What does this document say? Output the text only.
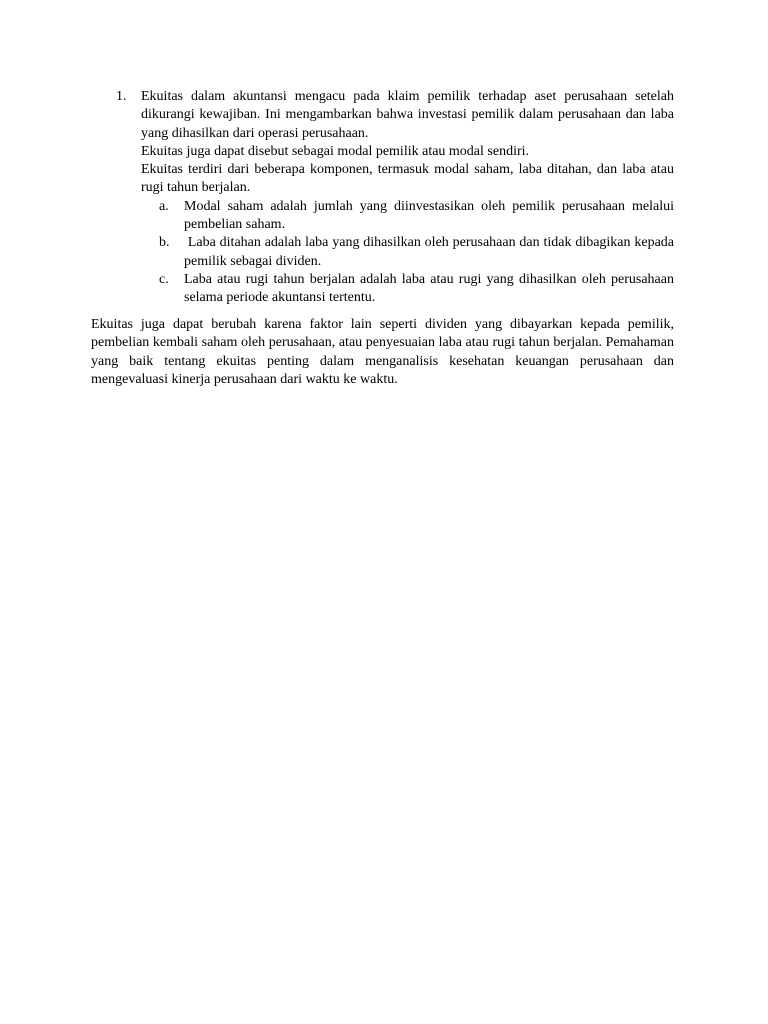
1. Ekuitas dalam akuntansi mengacu pada klaim pemilik terhadap aset perusahaan setelah dikurangi kewajiban. Ini mengambarkan bahwa investasi pemilik dalam perusahaan dan laba yang dihasilkan dari operasi perusahaan.

Ekuitas juga dapat disebut sebagai modal pemilik atau modal sendiri.

Ekuitas terdiri dari beberapa komponen, termasuk modal saham, laba ditahan, dan laba atau rugi tahun berjalan.

a. Modal saham adalah jumlah yang diinvestasikan oleh pemilik perusahaan melalui pembelian saham.

b. Laba ditahan adalah laba yang dihasilkan oleh perusahaan dan tidak dibagikan kepada pemilik sebagai dividen.

c. Laba atau rugi tahun berjalan adalah laba atau rugi yang dihasilkan oleh perusahaan selama periode akuntansi tertentu.

Ekuitas juga dapat berubah karena faktor lain seperti dividen yang dibayarkan kepada pemilik, pembelian kembali saham oleh perusahaan, atau penyesuaian laba atau rugi tahun berjalan. Pemahaman yang baik tentang ekuitas penting dalam menganalisis kesehatan keuangan perusahaan dan mengevaluasi kinerja perusahaan dari waktu ke waktu.
